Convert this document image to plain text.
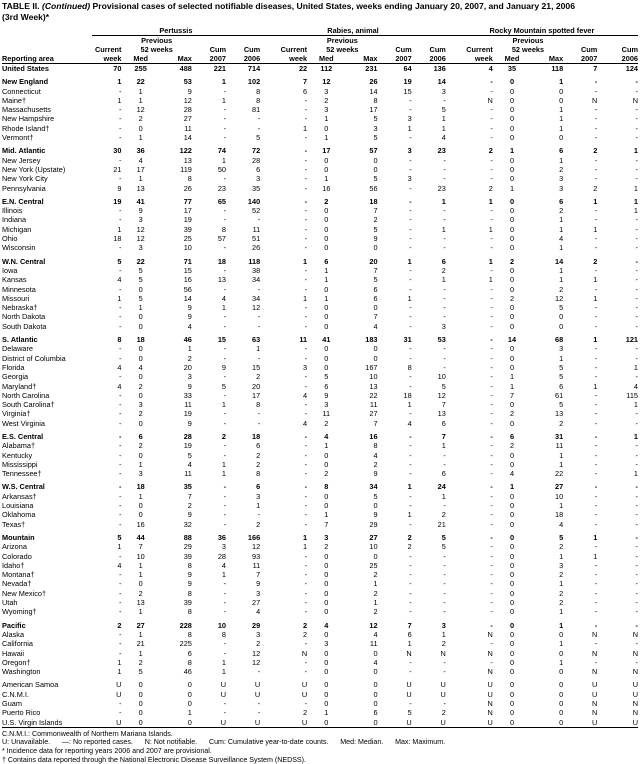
TABLE II. (Continued) Provisional cases of selected notifiable diseases, United States, weeks ending January 20, 2007, and January 21, 2006
(3rd Week)*
	Pertussis					Rabies, animal					Rocky Mountain spotted fever				
		Previous					Previous					Previous			
	Current	52 weeks		Cum	Cum	Current	52 weeks		Cum	Cum	Current	52 weeks		Cum	Cum
Reporting area	week	Med	Max	2007	2006	week	Med	Max	2007	2006	week	Med	Max	2007	2006
United States	70	255	488	221	714	22	112	231	64	136	4	35	118	7	124

New England	1	22	53	1	102	7	12	26	19	14	-	0	1	-	-
Connecticut	-	1	9	-	8	6	3	14	15	3	-	0	0	-	-
Maine†	1	1	12	1	8	-	2	8	-	-	N	0	0	N	N
Massachusetts	-	12	28	-	81	-	3	17	-	5	-	0	1	-	-
New Hampshire	-	2	27	-	-	-	1	5	3	1	-	0	1	-	-
Rhode Island†	-	0	11	-	-	1	0	3	1	1	-	0	1	-	-
Vermont†	-	1	14	-	5	-	1	5	-	4	-	0	0	-	-

Mid. Atlantic	30	36	122	74	72	-	17	57	3	23	2	1	6	2	1
New Jersey	-	4	13	1	28	-	0	0	-	-	-	0	1	-	-
New York (Upstate)	21	17	119	50	6	-	0	0	-	-	-	0	2	-	-
New York City	-	1	8	-	3	-	1	5	3	-	-	0	3	-	-
Pennsylvania	9	13	26	23	35	-	16	56	-	23	2	1	3	2	1

E.N. Central	19	41	77	65	140	-	2	18	-	1	1	0	6	1	1
Illinois	-	9	17	-	52	-	0	7	-	-	-	0	2	-	1
Indiana	-	3	19	-	-	-	0	2	-	-	-	0	1	-	-
Michigan	1	12	39	8	11	-	0	5	-	1	1	0	1	1	-
Ohio	18	12	25	57	51	-	0	9	-	-	-	0	4	-	-
Wisconsin	-	3	10	-	26	-	0	0	-	-	-	0	1	-	-

W.N. Central	5	22	71	18	118	1	6	20	1	6	1	2	14	2	-
Iowa	-	5	15	-	38	-	1	7	-	2	-	0	1	-	-
Kansas	4	5	16	13	34	-	1	5	-	1	1	0	1	1	-
Minnesota	-	0	56	-	-	-	0	6	-	-	-	0	2	-	-
Missouri	1	5	14	4	34	1	1	6	1	-	-	2	12	1	-
Nebraska†	-	1	9	1	12	-	0	0	-	-	-	0	5	-	-
North Dakota	-	0	9	-	-	-	0	7	-	-	-	0	0	-	-
South Dakota	-	0	4	-	-	-	0	4	-	3	-	0	0	-	-

S. Atlantic	8	18	46	15	63	11	41	183	31	53	-	14	68	1	121
Delaware	-	0	1	-	1	-	0	0	-	-	-	0	3	-	-
District of Columbia	-	0	2	-	-	-	0	0	-	-	-	0	1	-	-
Florida	4	4	20	9	15	3	0	167	8	-	-	0	5	-	1
Georgia	-	0	3	-	2	-	5	10	-	10	-	1	5	-	-
Maryland†	4	2	9	5	20	-	6	13	-	5	-	1	6	1	4
North Carolina	-	0	33	-	17	4	9	22	18	12	-	7	61	-	115
South Carolina†	-	3	11	1	8	-	3	11	1	7	-	0	5	-	1
Virginia†	-	2	19	-	-	-	11	27	-	13	-	2	13	-	-
West Virginia	-	0	9	-	-	4	2	7	4	6	-	0	2	-	-

E.S. Central	-	6	28	2	18	-	4	16	-	7	-	6	31	-	1
Alabama†	-	2	19	-	6	-	1	8	-	1	-	2	11	-	-
Kentucky	-	0	5	-	2	-	0	4	-	-	-	0	1	-	-
Mississippi	-	1	4	1	2	-	0	2	-	-	-	0	1	-	-
Tennessee†	-	3	11	1	8	-	2	9	-	6	-	4	22	-	1

W.S. Central	-	18	35	-	6	-	8	34	1	24	-	1	27	-	-
Arkansas†	-	1	7	-	3	-	0	5	-	1	-	0	10	-	-
Louisiana	-	0	2	-	1	-	0	0	-	-	-	0	1	-	-
Oklahoma	-	0	9	-	-	-	1	9	1	2	-	0	18	-	-
Texas†	-	16	32	-	2	-	7	29	-	21	-	0	4	-	-

Mountain	5	44	88	36	166	1	3	27	2	5	-	0	5	1	-
Arizona	1	7	29	3	12	1	2	10	2	5	-	0	2	-	-
Colorado	-	10	39	28	93	-	0	0	-	-	-	0	1	1	-
Idaho†	4	1	8	4	11	-	0	25	-	-	-	0	3	-	-
Montana†	-	1	9	1	7	-	0	2	-	-	-	0	2	-	-
Nevada†	-	0	9	-	9	-	0	1	-	-	-	0	1	-	-
New Mexico†	-	2	8	-	3	-	0	2	-	-	-	0	2	-	-
Utah	-	13	39	-	27	-	0	1	-	-	-	0	2	-	-
Wyoming†	-	1	8	-	4	-	0	2	-	-	-	0	1	-	-

Pacific	2	27	228	10	29	2	4	12	7	3	-	0	1	-	-
Alaska	-	1	8	8	3	2	0	4	6	1	N	0	0	N	N
California	-	21	225	-	2	-	3	11	1	2	-	0	1	-	-
Hawaii	-	1	6	-	12	N	0	0	N	N	N	0	0	N	N
Oregon†	1	2	8	1	12	-	0	4	-	-	-	0	1	-	-
Washington	1	5	46	1	-	-	0	0	-	-	N	0	0	N	N

American Samoa	U	0	0	U	U	U	0	0	U	U	U	0	0	U	U
C.N.M.I.	U	0	0	U	U	U	0	0	U	U	U	0	0	U	U
Guam	-	0	0	-	-	-	0	0	-	-	N	0	0	N	N
Puerto Rico	-	0	1	-	-	2	1	6	5	2	N	0	0	N	N
U.S. Virgin Islands	U	0	0	U	U	U	0	0	U	U	U	0	0	U	U
C.N.M.I.: Commonwealth of Northern Mariana Islands.
U: Unavailable.      —: No reported cases.      N: Not notifiable.      Cum: Cumulative year-to-date counts.      Med: Median.      Max: Maximum.
* Incidence data for reporting years 2006 and 2007 are provisional.
† Contains data reported through the National Electronic Disease Surveillance System (NEDSS).
